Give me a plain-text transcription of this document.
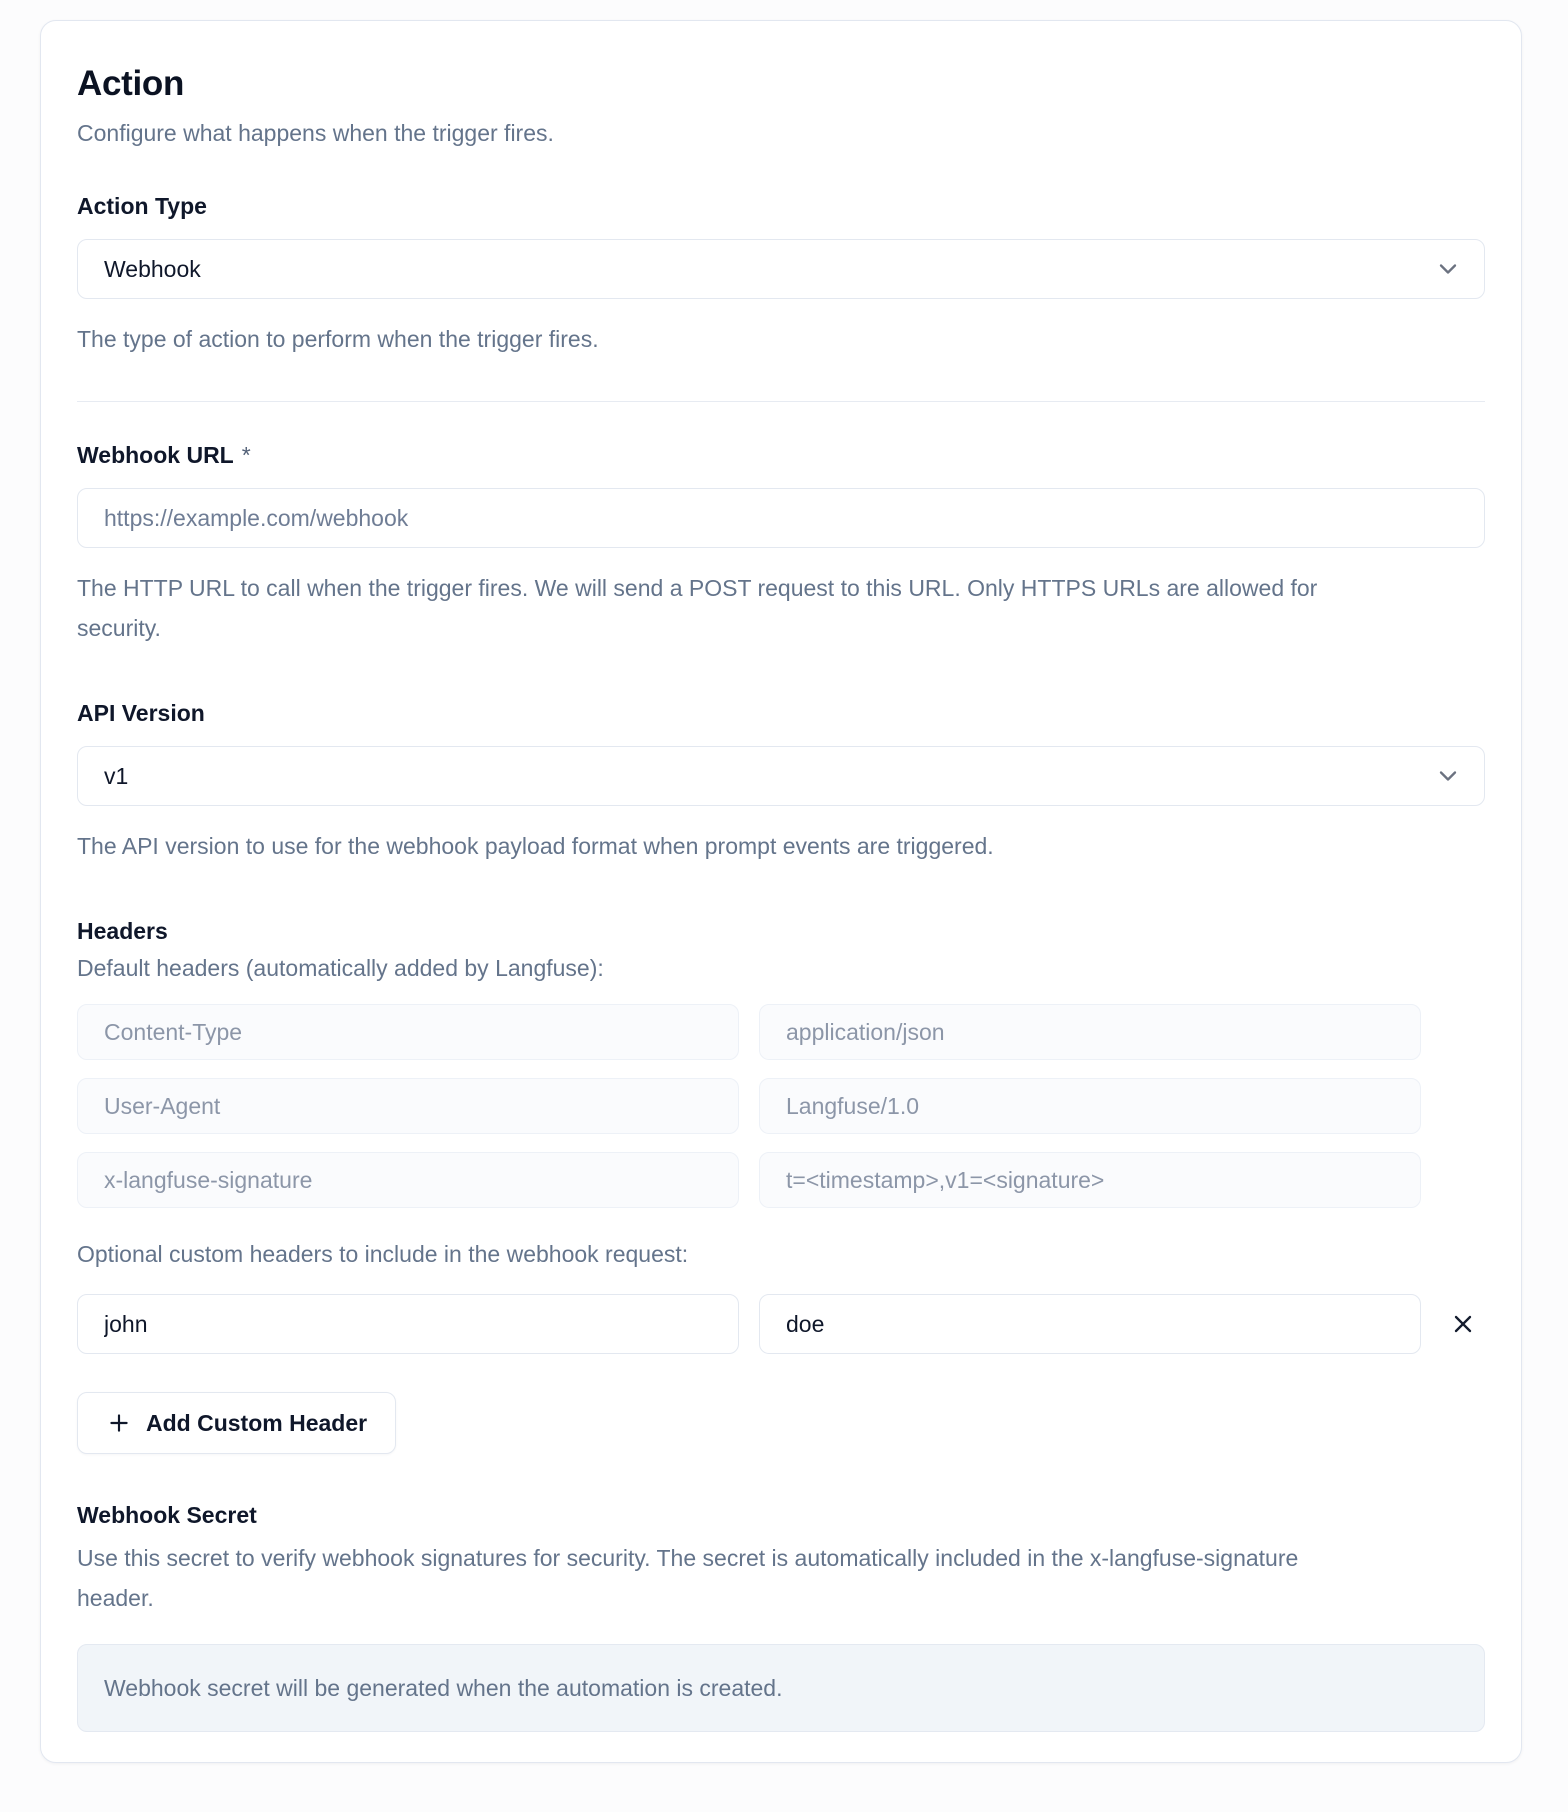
Action

Configure what happens when the trigger fires.

Action Type
Webhook

The type of action to perform when the trigger fires.

Webhook URL *
https://example.com/webhook

The HTTP URL to call when the trigger fires. We will send a POST request to this URL. Only HTTPS URLs are allowed for security.

API Version
v1

The API version to use for the webhook payload format when prompt events are triggered.

Headers

Default headers (automatically added by Langfuse):

Content-Type
application/json
User-Agent
Langfuse/1.0
x-langfuse-signature
t=<timestamp>,v1=<signature>

Optional custom headers to include in the webhook request:

john
doe
Add Custom Header
Webhook Secret

Use this secret to verify webhook signatures for security. The secret is automatically included in the x-langfuse-signature header.

Webhook secret will be generated when the automation is created.
